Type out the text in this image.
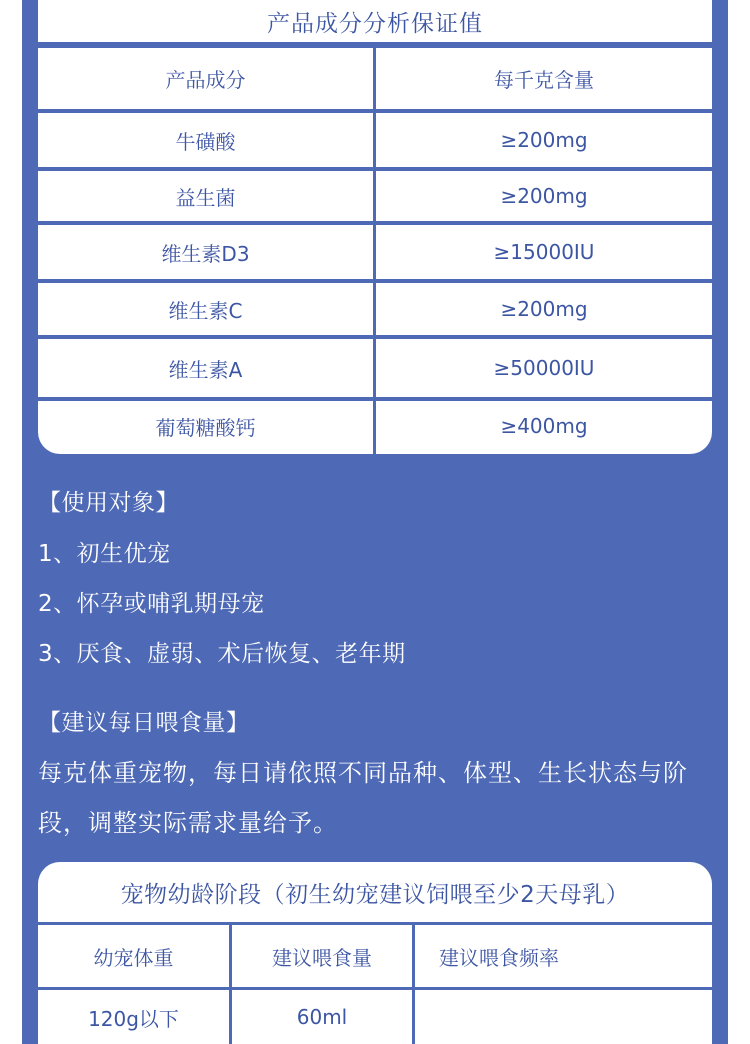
产品成分分析保证值
产品成分	每千克含量
牛磺酸	≥200mg
益生菌	≥200mg
维生素D3	≥15000IU
维生素C	≥200mg
维生素A	≥50000IU
葡萄糖酸钙	≥400mg
【使用对象】
1、初生优宠
2、怀孕或哺乳期母宠
3、厌食、虚弱、术后恢复、老年期
【建议每日喂食量】
每克体重宠物，每日请依照不同品种、体型、生长状态与阶段，调整实际需求量给予。
宠物幼龄阶段（初生幼宠建议饲喂至少2天母乳）
幼宠体重	建议喂食量	建议喂食频率
120g以下	60ml
